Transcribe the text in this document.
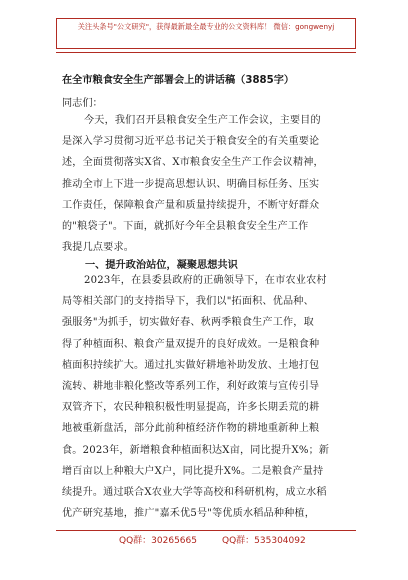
关注头条号"公文研究"，获得最新最全最专业的公文资料库！ 微信：gongwenyj
在全市粮食安全生产部署会上的讲话稿（3885字）
同志们：
今天，我们召开县粮食安全生产工作会议，主要目的
是深入学习贯彻习近平总书记关于粮食安全的有关重要论
述，全面贯彻落实X省、X市粮食安全生产工作会议精神，
推动全市上下进一步提高思想认识、明确目标任务、压实
工作责任，保障粮食产量和质量持续提升，不断守好群众
的"粮袋子"。下面，就抓好今年全县粮食安全生产工作
我提几点要求。
一、提升政治站位，凝聚思想共识
2023年，在县委县政府的正确领导下，在市农业农村
局等相关部门的支持指导下，我们以"拓面积、优品种、
强服务"为抓手，切实做好春、秋两季粮食生产工作，取
得了种植面积、粮食产量双提升的良好成效。一是粮食种
植面积持续扩大。通过扎实做好耕地补助发放、土地打包
流转、耕地非粮化整改等系列工作，利好政策与宣传引导
双管齐下，农民种粮积极性明显提高，许多长期丢荒的耕
地被重新盘活，部分此前种植经济作物的耕地重新种上粮
食。2023年，新增粮食种植面积达X亩，同比提升X%；新
增百亩以上种粮大户X户，同比提升X%。二是粮食产量持
续提升。通过联合X农业大学等高校和科研机构，成立水稻
优产研究基地，推广"嘉禾优5号"等优质水稻品种种植，
QQ群：30265665	QQ群：535304092
